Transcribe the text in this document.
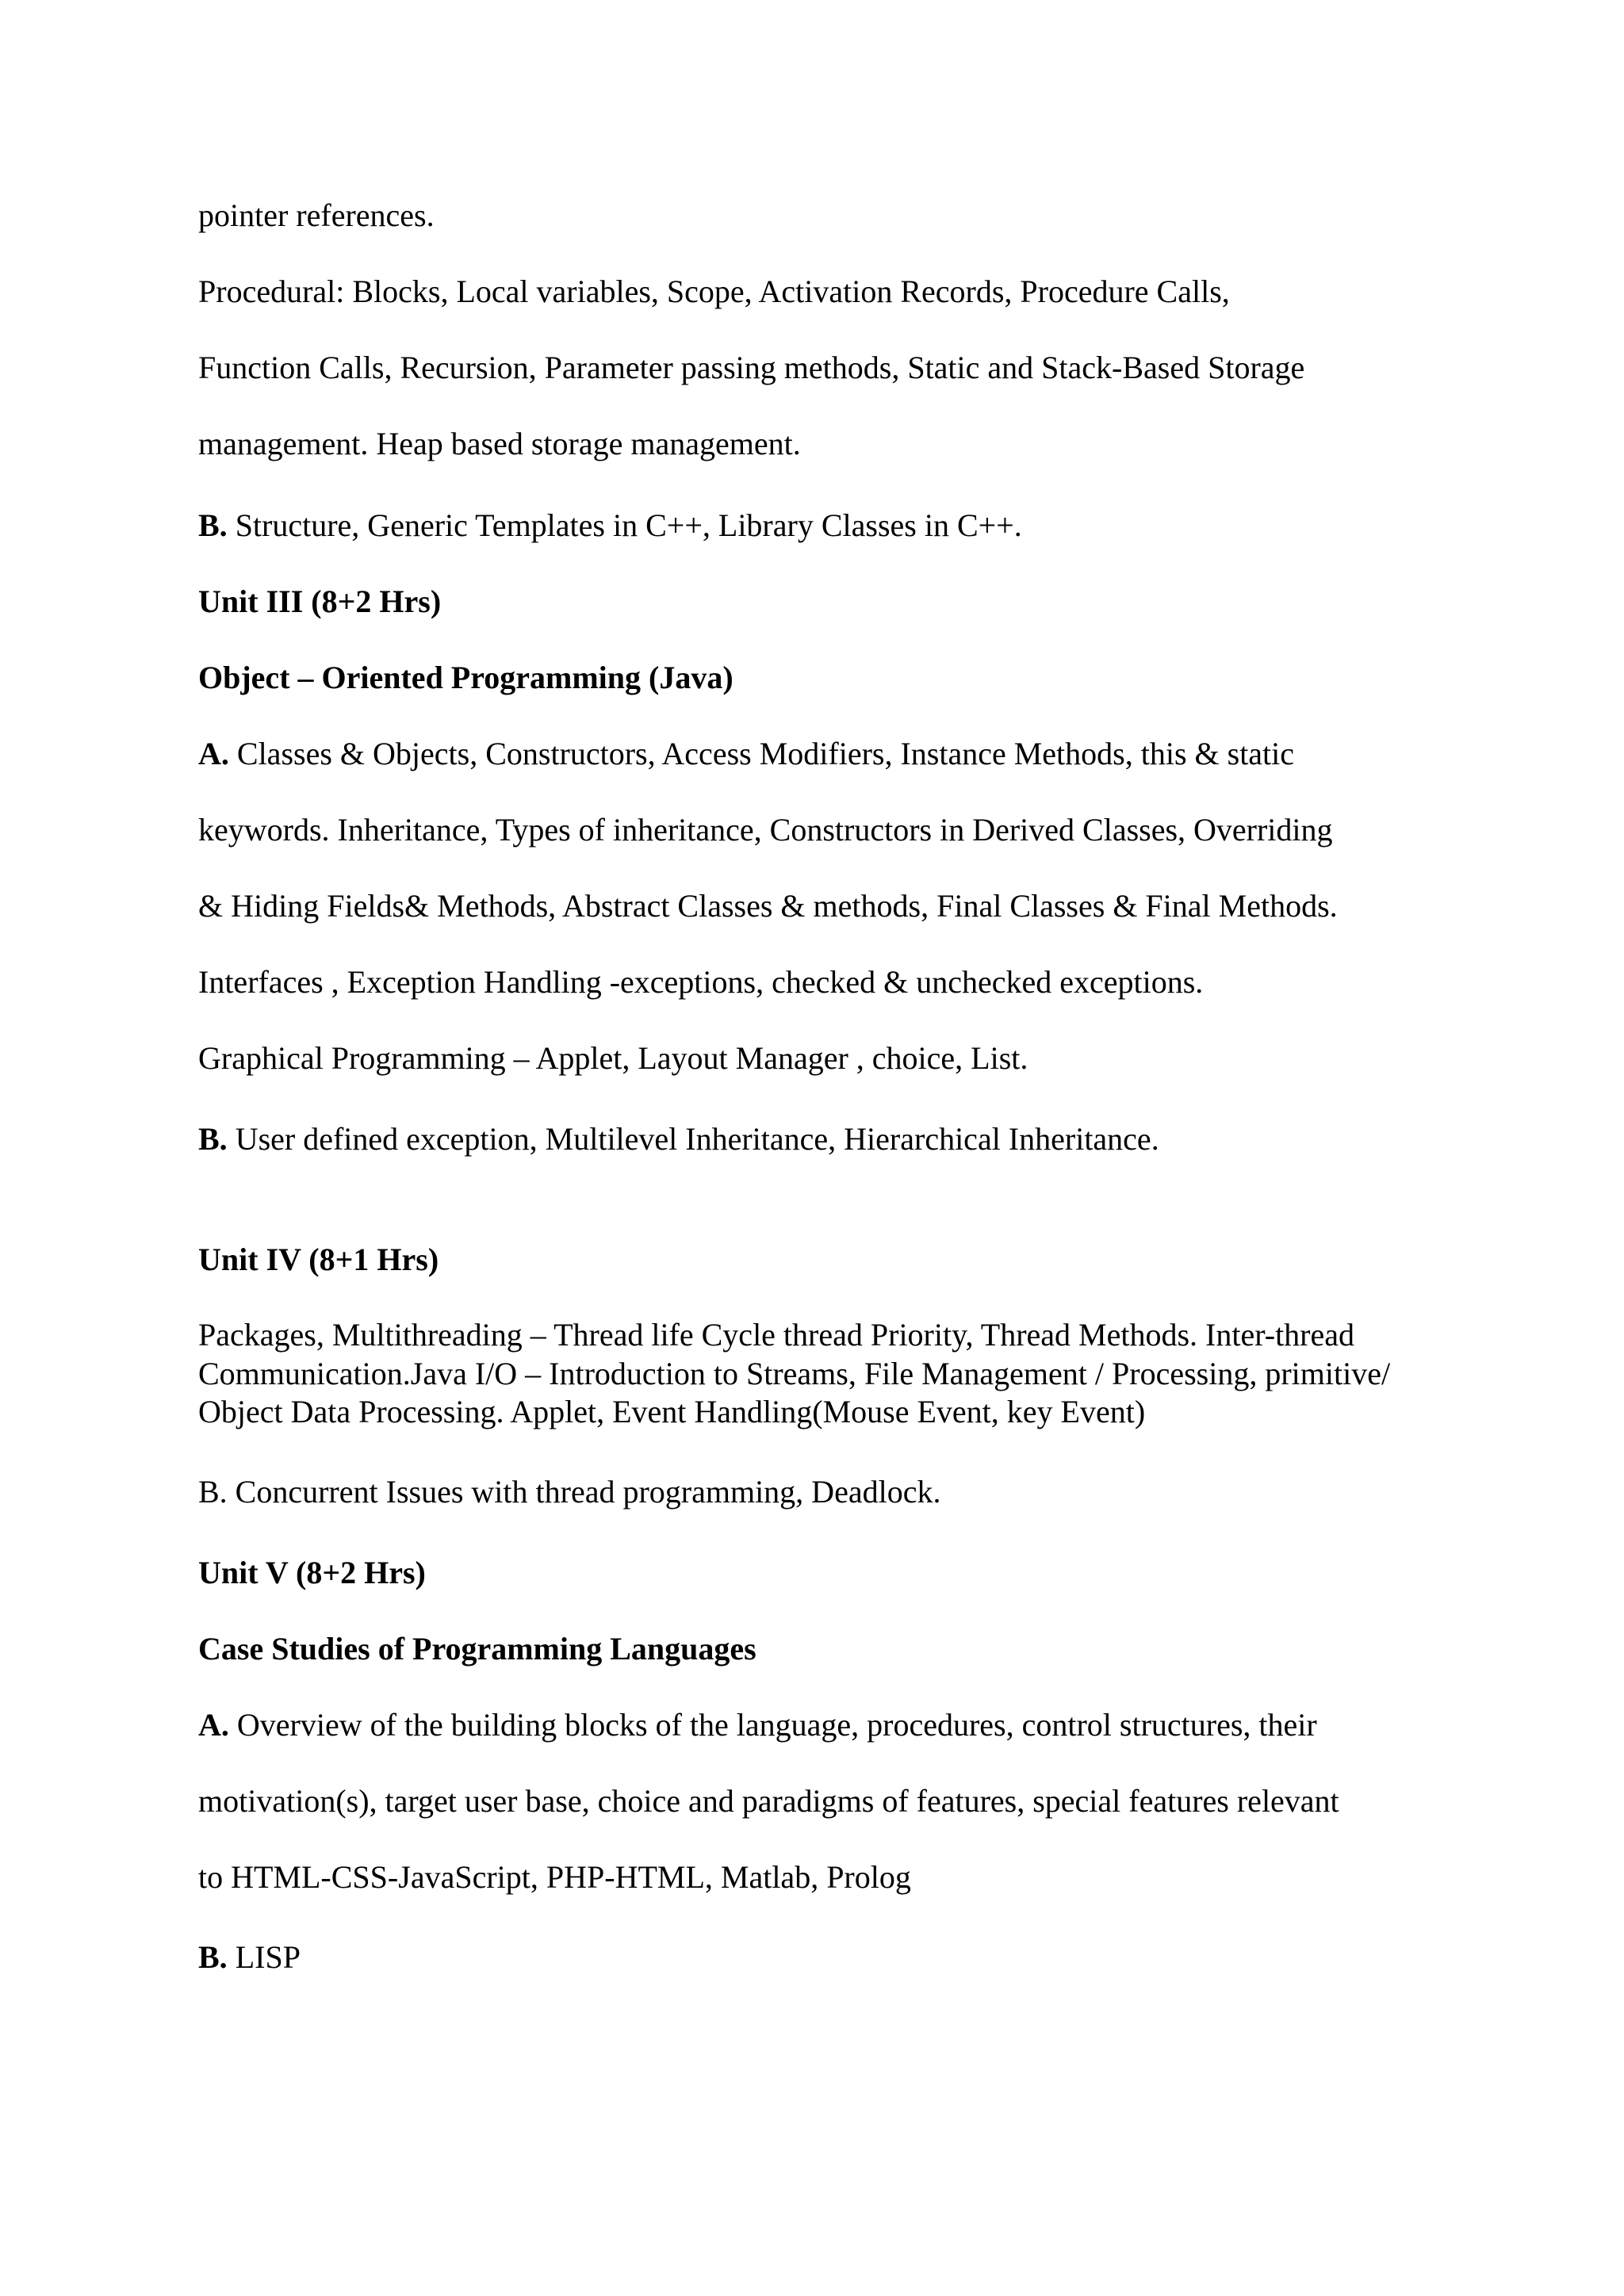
pointer references.
Procedural: Blocks, Local variables, Scope, Activation Records, Procedure Calls,
Function Calls, Recursion, Parameter passing methods, Static and Stack-Based Storage
management. Heap based storage management.
B. Structure, Generic Templates in C++, Library Classes in C++.
Unit III (8+2 Hrs)
Object – Oriented Programming (Java)
A. Classes & Objects, Constructors, Access Modifiers, Instance Methods, this & static
keywords. Inheritance, Types of inheritance, Constructors in Derived Classes, Overriding
& Hiding Fields& Methods, Abstract Classes & methods, Final Classes & Final Methods.
Interfaces , Exception Handling -exceptions, checked & unchecked exceptions.
Graphical Programming – Applet, Layout Manager , choice, List.
B. User defined exception, Multilevel Inheritance, Hierarchical Inheritance.
Unit IV (8+1 Hrs)
Packages, Multithreading – Thread life Cycle thread Priority, Thread Methods. Inter-thread
Communication.Java I/O – Introduction to Streams, File Management / Processing, primitive/
Object Data Processing. Applet, Event Handling(Mouse Event, key Event)
B. Concurrent Issues with thread programming, Deadlock.
Unit V (8+2 Hrs)
Case Studies of Programming Languages
A. Overview of the building blocks of the language, procedures, control structures, their
motivation(s), target user base, choice and paradigms of features, special features relevant
to HTML-CSS-JavaScript, PHP-HTML, Matlab, Prolog
B. LISP
